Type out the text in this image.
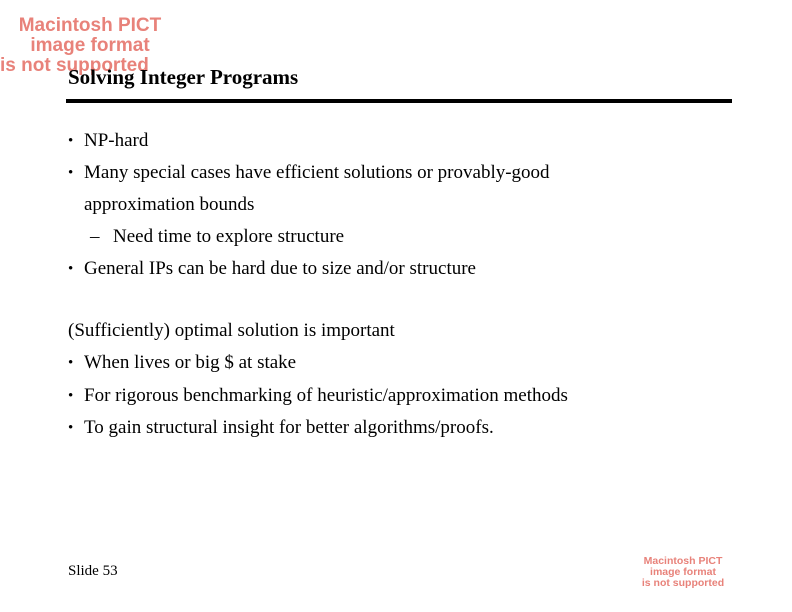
Macintosh PICT
image format
is not supported
Solving Integer Programs
• NP-hard
• Many special cases have efficient solutions or provably-good
approximation bounds
– Need time to explore structure
• General IPs can be hard due to size and/or structure
(Sufficiently) optimal solution is important
• When lives or big $ at stake
• For rigorous benchmarking of heuristic/approximation methods
• To gain structural insight for better algorithms/proofs.
Slide 53
Macintosh PICT
image format
is not supported
